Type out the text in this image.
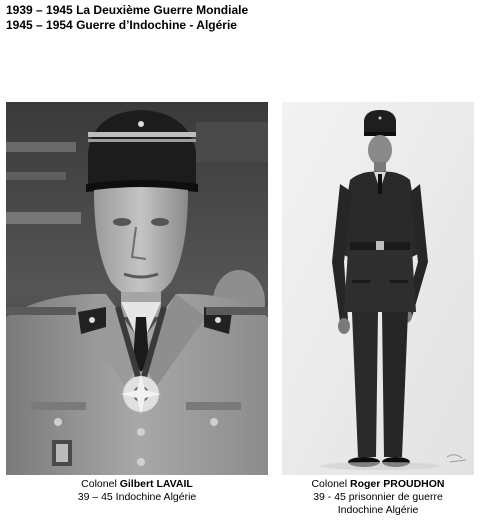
1939 – 1945 La Deuxième Guerre Mondiale
1945 – 1954 Guerre d’Indochine - Algérie
Colonel Gilbert LAVAIL
39 – 45 Indochine Algérie
Colonel Roger PROUDHON
39 - 45 prisonnier de guerre
Indochine Algérie
